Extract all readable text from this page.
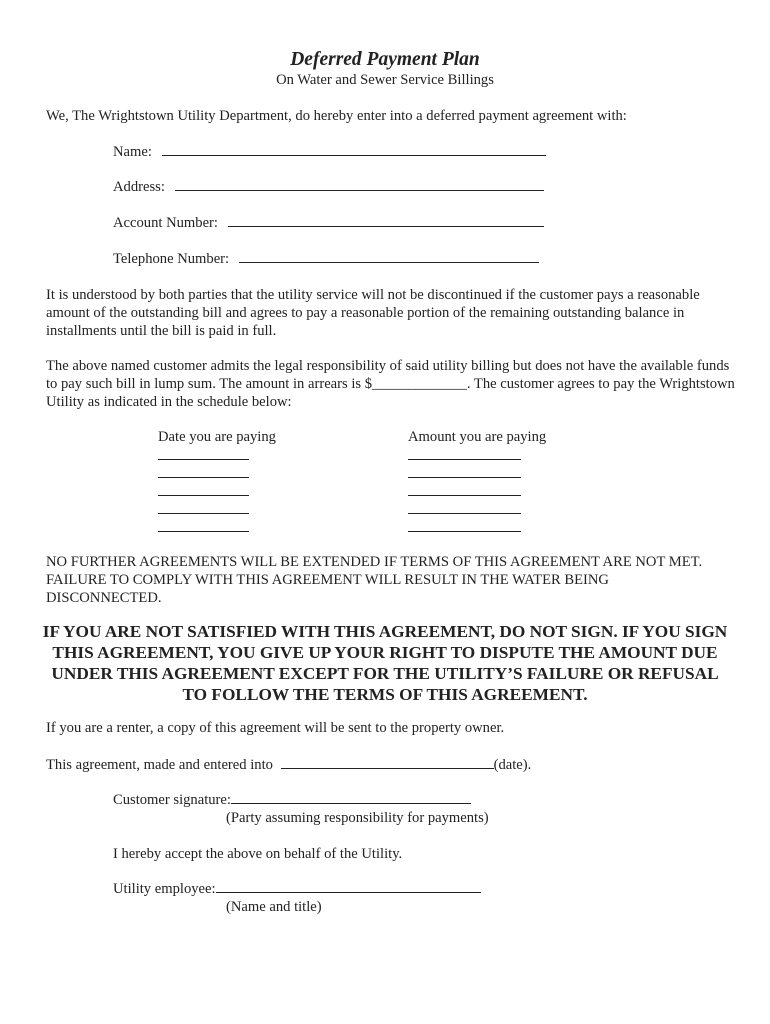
Deferred Payment Plan
On Water and Sewer Service Billings
We, The Wrightstown Utility Department, do hereby enter into a deferred payment agreement with:
Name:
Address:
Account Number:
Telephone Number:
It is understood by both parties that the utility service will not be discontinued if the customer pays a reasonable amount of the outstanding bill and agrees to pay a reasonable portion of the remaining outstanding balance in installments until the bill is paid in full.
The above named customer admits the legal responsibility of said utility billing but does not have the available funds to pay such bill in lump sum. The amount in arrears is $_____________. The customer agrees to pay the Wrightstown Utility as indicated in the schedule below:
Date you are paying	Amount you are paying
NO FURTHER AGREEMENTS WILL BE EXTENDED IF TERMS OF THIS AGREEMENT ARE NOT MET. FAILURE TO COMPLY WITH THIS AGREEMENT WILL RESULT IN THE WATER BEING DISCONNECTED.
IF YOU ARE NOT SATISFIED WITH THIS AGREEMENT, DO NOT SIGN. IF YOU SIGN THIS AGREEMENT, YOU GIVE UP YOUR RIGHT TO DISPUTE THE AMOUNT DUE UNDER THIS AGREEMENT EXCEPT FOR THE UTILITY’S FAILURE OR REFUSAL TO FOLLOW THE TERMS OF THIS AGREEMENT.
If you are a renter, a copy of this agreement will be sent to the property owner.
This agreement, made and entered into	(date).
Customer signature:
(Party assuming responsibility for payments)
I hereby accept the above on behalf of the Utility.
Utility employee:
(Name and title)
